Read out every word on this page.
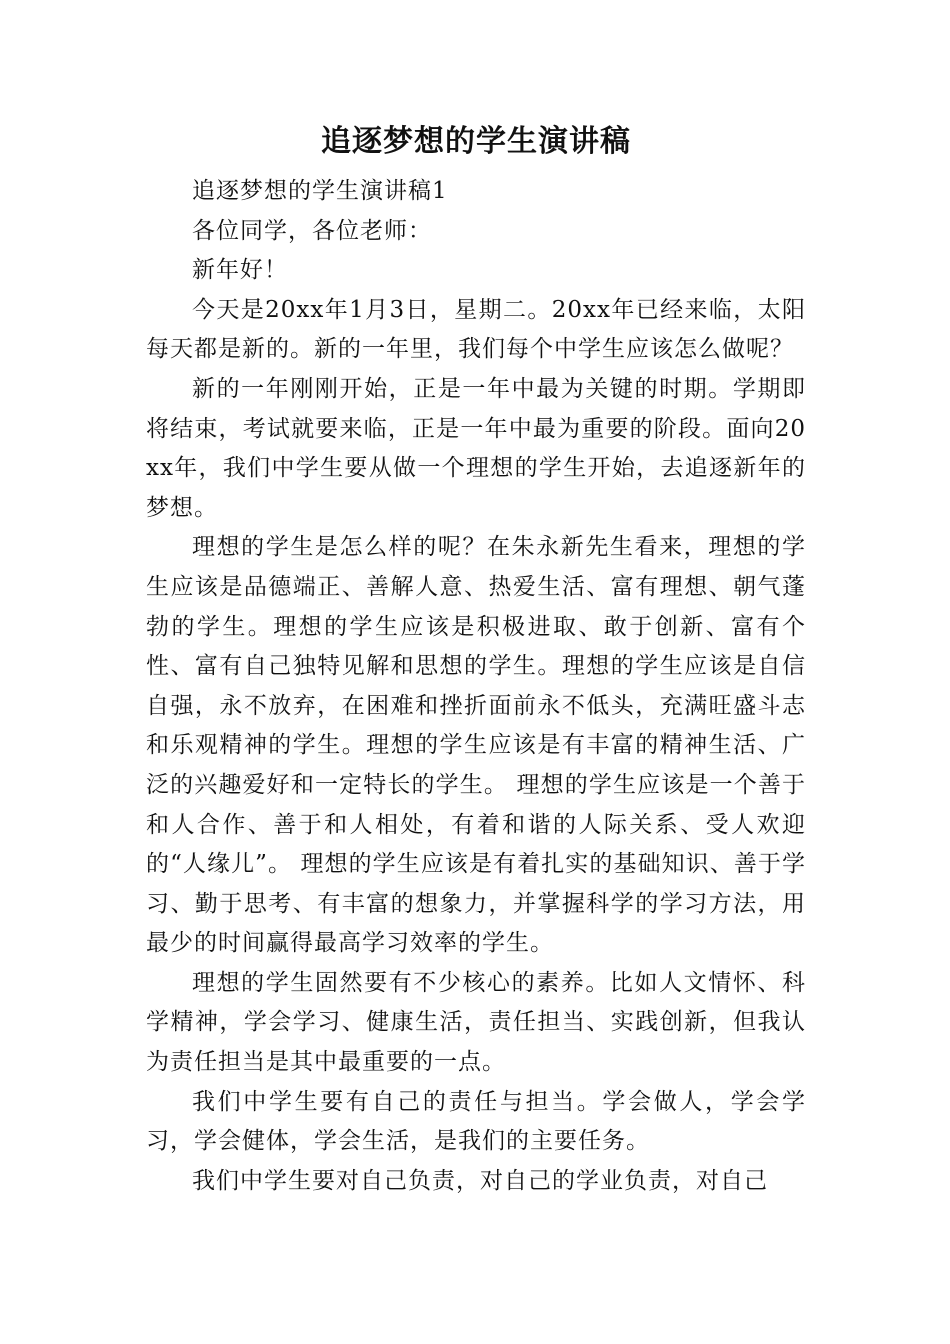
追逐梦想的学生演讲稿

追逐梦想的学生演讲稿1

各位同学，各位老师：

新年好！

今天是20xx年1月3日，星期二。20xx年已经来临，太阳每天都是新的。新的一年里，我们每个中学生应该怎么做呢？

新的一年刚刚开始，正是一年中最为关键的时期。学期即将结束，考试就要来临，正是一年中最为重要的阶段。面向20xx年，我们中学生要从做一个理想的学生开始，去追逐新年的梦想。

理想的学生是怎么样的呢？在朱永新先生看来，理想的学生应该是品德端正、善解人意、热爱生活、富有理想、朝气蓬勃的学生。理想的学生应该是积极进取、敢于创新、富有个性、富有自己独特见解和思想的学生。理想的学生应该是自信自强，永不放弃，在困难和挫折面前永不低头，充满旺盛斗志和乐观精神的学生。理想的学生应该是有丰富的精神生活、广泛的兴趣爱好和一定特长的学生。 理想的学生应该是一个善于和人合作、善于和人相处，有着和谐的人际关系、受人欢迎的“人缘儿”。 理想的学生应该是有着扎实的基础知识、善于学习、勤于思考、有丰富的想象力，并掌握科学的学习方法，用最少的时间赢得最高学习效率的学生。

理想的学生固然要有不少核心的素养。比如人文情怀、科学精神，学会学习、健康生活，责任担当、实践创新，但我认为责任担当是其中最重要的一点。

我们中学生要有自己的责任与担当。学会做人，学会学习，学会健体，学会生活，是我们的主要任务。

我们中学生要对自己负责，对自己的学业负责，对自己
